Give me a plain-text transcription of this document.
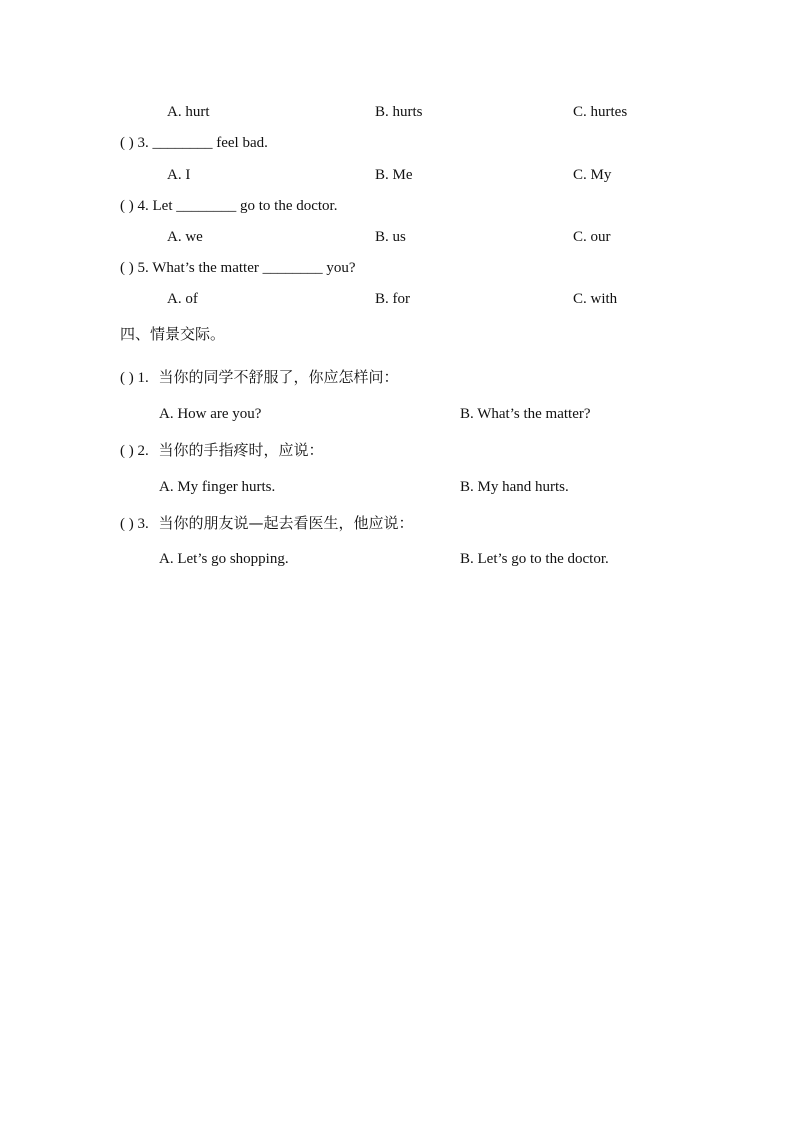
A. hurt	B. hurts	C. hurtes
( ) 3. ________ feel bad.
A. I	B. Me	C. My
( ) 4. Let ________ go to the doctor.
A. we	B. us	C. our
( ) 5. What’s the matter ________ you?
A. of	B. for	C. with
四、情景交际。
( ) 1. 当你的同学不舒服了，你应怎样问：
A. How are you?	B. What’s the matter?
( ) 2. 当你的手指疼时，应说：
A. My finger hurts.	B. My hand hurts.
( ) 3. 当你的朋友说—起去看医生，他应说：
A. Let’s go shopping.	B. Let’s go to the doctor.
